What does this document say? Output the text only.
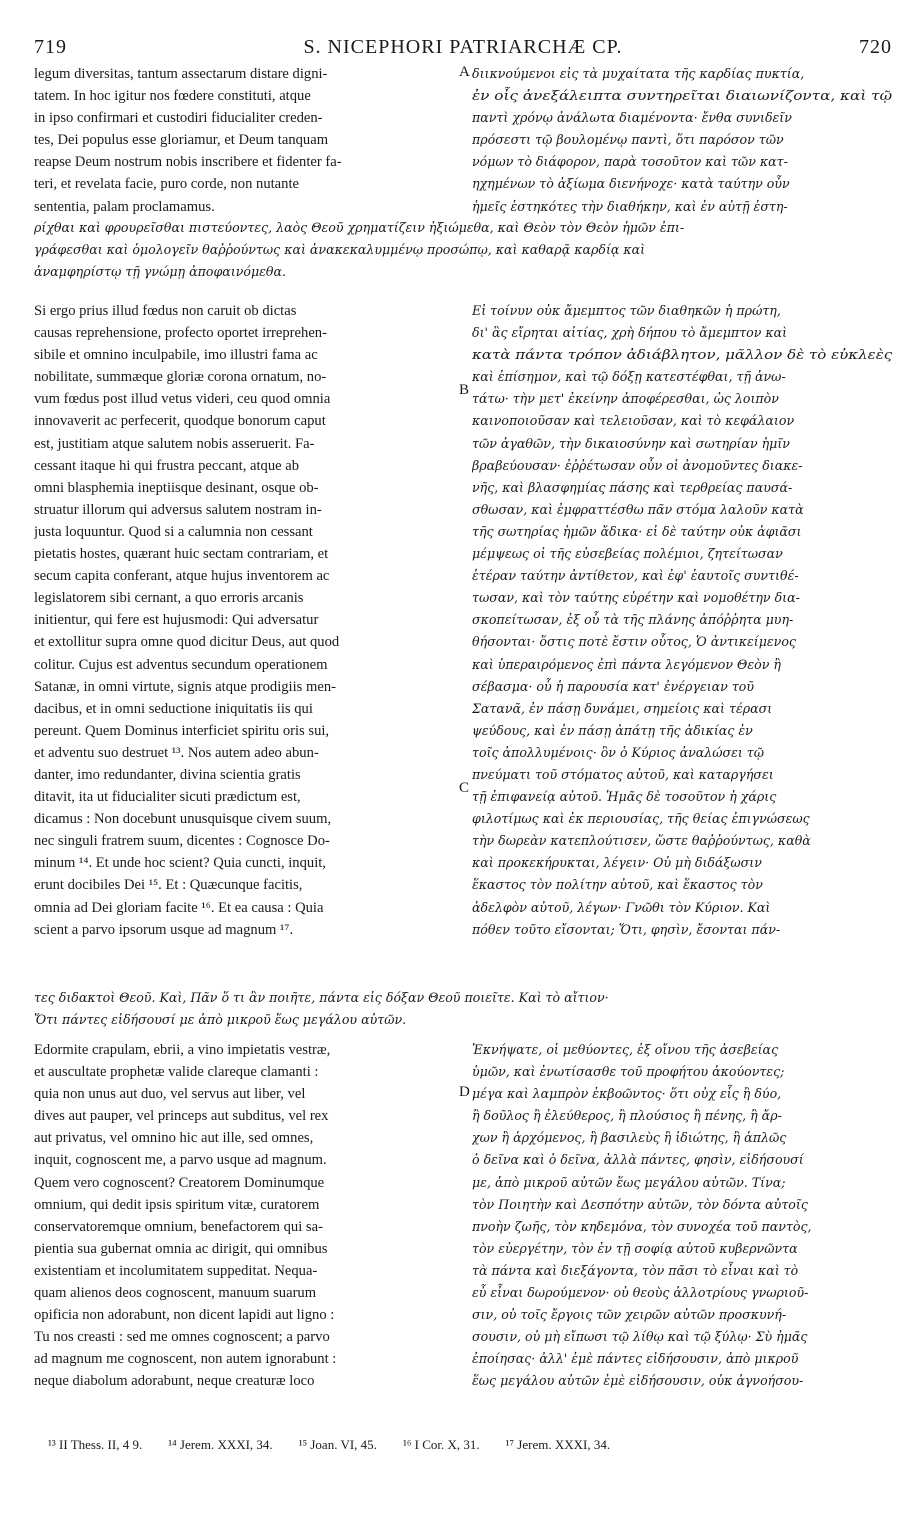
S. NICEPHORI PATRIARCHÆ CP.
719	720
legum diversitas, tantum assectarum distare digni-
tatem. In hoc igitur nos fœdere constituti, atque
in ipso confirmari et custodiri fiducialiter creden-
tes, Dei populus esse gloriamur, et Deum tanquam
reapse Deum nostrum nobis inscribere et fidenter fa-
teri, et revelata facie, puro corde, non nutante
sententia, palam proclamamus.
διικνούμενοι εἰς τὰ μυχαίτατα τῆς καρδίας πυκτία,
ἐν οἷς ἀνεξάλειπτα συντηρεῖται διαιωνίζοντα, καὶ τῷ
παντὶ χρόνῳ ἀνάλωτα διαμένοντα· ἔνθα συνιδεῖν
πρόσεστι τῷ βουλομένῳ παντὶ, ὅτι παρόσον τῶν
νόμων τὸ διάφορον, παρὰ τοσοῦτον καὶ τῶν κατ-
ηχημένων τὸ ἀξίωμα διενήνοχε· κατὰ ταύτην οὖν
ἡμεῖς ἑστηκότες τὴν διαθήκην, καὶ ἐν αὐτῇ ἐστη-
ρίχθαι καὶ φρουρεῖσθαι πιστεύοντες, λαὸς Θεοῦ χρηματίζειν ἠξιώμεθα, καὶ Θεὸν τὸν Θεὸν ἡμῶν ἐπι-
γράφεσθαι καὶ ὁμολογεῖν θαῤῥούντως καὶ ἀνακεκαλυμμένῳ προσώπῳ, καὶ καθαρᾷ καρδίᾳ καὶ
ἀναμφηρίστῳ τῇ γνώμῃ ἀποφαινόμεθα.
Si ergo prius illud fœdus non caruit ob dictas
causas reprehensione, profecto oportet irreprehen-
sibile et omnino inculpabile, imo illustri fama ac
nobilitate, summæque gloriæ corona ornatum, no-
vum fœdus post illud vetus videri, ceu quod omnia
innovaverit ac perfecerit, quodque bonorum caput
est, justitiam atque salutem nobis asseruerit. Fa-
cessant itaque hi qui frustra peccant, atque ab
omni blasphemia ineptiisque desinant, osque ob-
struatur illorum qui adversus salutem nostram in-
justa loquuntur. Quod si a calumnia non cessant
pietatis hostes, quærant huic sectam contrariam, et
secum capita conferant, atque hujus inventorem ac
legislatorem sibi cernant, a quo erroris arcanis
initientur, qui fere est hujusmodi: Qui adversatur
et extollitur supra omne quod dicitur Deus, aut quod
colitur. Cujus est adventus secundum operationem
Satanæ, in omni virtute, signis atque prodigiis men-
dacibus, et in omni seductione iniquitatis iis qui
pereunt. Quem Dominus interficiet spiritu oris sui,
et adventu suo destruet ¹³. Nos autem adeo abun-
danter, imo redundanter, divina scientia gratis
ditavit, ita ut fiducialiter sicuti prædictum est,
dicamus : Non docebunt unusquisque civem suum,
nec singuli fratrem suum, dicentes : Cognosce Do-
minum ¹⁴. Et unde hoc scient? Quia cuncti, inquit,
erunt docibiles Dei ¹⁵. Et : Quæcunque facitis,
omnia ad Dei gloriam facite ¹⁶. Et ea causa : Quia
scient a parvo ipsorum usque ad magnum ¹⁷.
Εἰ τοίνυν οὐκ ἄμεμπτος τῶν διαθηκῶν ἡ πρώτη,
δι' ἃς εἴρηται αἰτίας, χρὴ δήπου τὸ ἄμεμπτον καὶ
κατὰ πάντα τρόπον ἀδιάβλητον, μᾶλλον δὲ τὸ εὐκλεὲς
καὶ ἐπίσημον, καὶ τῷ δόξῃ κατεστέφθαι, τῇ ἀνω-
τάτω· τὴν μετ' ἐκείνην ἀποφέρεσθαι, ὡς λοιπὸν
καινοποιοῦσαν καὶ τελειοῦσαν, καὶ τὸ κεφάλαιον
τῶν ἀγαθῶν, τὴν δικαιοσύνην καὶ σωτηρίαν ἡμῖν
βραβεύουσαν· ἐῤῥέτωσαν οὖν οἱ ἀνομοῦντες διακε-
νῆς, καὶ βλασφημίας πάσης καὶ τερθρείας παυσά-
σθωσαν, καὶ ἐμφραττέσθω πᾶν στόμα λαλοῦν κατὰ
τῆς σωτηρίας ἡμῶν ἄδικα· εἰ δὲ ταύτην οὐκ ἀφιᾶσι
μέμψεως οἱ τῆς εὐσεβείας πολέμιοι, ζητείτωσαν
ἑτέραν ταύτην ἀντίθετον, καὶ ἐφ' ἑαυτοῖς συντιθέ-
τωσαν, καὶ τὸν ταύτης εὑρέτην καὶ νομοθέτην δια-
σκοπείτωσαν, ἐξ οὗ τὰ τῆς πλάνης ἀπόῤῥητα μυη-
θήσονται· ὅστις ποτὲ ἔστιν οὗτος, Ὁ ἀντικείμενος
καὶ ὑπεραιρόμενος ἐπὶ πάντα λεγόμενον Θεὸν ἢ
σέβασμα· οὗ ἡ παρουσία κατ' ἐνέργειαν τοῦ
Σατανᾶ, ἐν πάσῃ δυνάμει, σημείοις καὶ τέρασι
ψεύδους, καὶ ἐν πάσῃ ἀπάτῃ τῆς ἀδικίας ἐν
τοῖς ἀπολλυμένοις· ὃν ὁ Κύριος ἀναλώσει τῷ
πνεύματι τοῦ στόματος αὐτοῦ, καὶ καταργήσει
τῇ ἐπιφανείᾳ αὐτοῦ. Ἡμᾶς δὲ τοσοῦτον ἡ χάρις
φιλοτίμως καὶ ἐκ περιουσίας, τῆς θείας ἐπιγνώσεως
τὴν δωρεὰν κατεπλούτισεν, ὥστε θαῤῥούντως, καθὰ
καὶ προκεκήρυκται, λέγειν· Οὐ μὴ διδάξωσιν
ἕκαστος τὸν πολίτην αὐτοῦ, καὶ ἕκαστος τὸν
ἀδελφὸν αὐτοῦ, λέγων· Γνῶθι τὸν Κύριον. Καὶ
πόθεν τοῦτο εἴσονται; Ὅτι, φησὶν, ἔσονται πάν-
τες διδακτοὶ Θεοῦ. Καὶ, Πᾶν ὅ τι ἂν ποιῆτε, πάντα εἰς δόξαν Θεοῦ ποιεῖτε. Καὶ τὸ αἴτιον·
Ὅτι πάντες εἰδήσουσί με ἀπὸ μικροῦ ἕως μεγάλου αὐτῶν.
Edormite crapulam, ebrii, a vino impietatis vestræ,
et auscultate prophetæ valide clareque clamanti :
quia non unus aut duo, vel servus aut liber, vel
dives aut pauper, vel princeps aut subditus, vel rex
aut privatus, vel omnino hic aut ille, sed omnes,
inquit, cognoscent me, a parvo usque ad magnum.
Quem vero cognoscent? Creatorem Dominumque
omnium, qui dedit ipsis spiritum vitæ, curatorem
conservatoremque omnium, benefactorem qui sa-
pientia sua gubernat omnia ac dirigit, qui omnibus
existentiam et incolumitatem suppeditat. Nequa-
quam alienos deos cognoscent, manuum suarum
opificia non adorabunt, non dicent lapidi aut ligno :
Tu nos creasti : sed me omnes cognoscent; a parvo
ad magnum me cognoscent, non autem ignorabunt :
neque diabolum adorabunt, neque creaturæ loco
Ἐκνήψατε, οἱ μεθύοντες, ἐξ οἴνου τῆς ἀσεβείας
ὑμῶν, καὶ ἐνωτίσασθε τοῦ προφήτου ἀκούοντες;
μέγα καὶ λαμπρὸν ἐκβοῶντος· ὅτι οὐχ εἷς ἢ δύο,
ἢ δοῦλος ἢ ἐλεύθερος, ἢ πλούσιος ἢ πένης, ἢ ἄρ-
χων ἢ ἀρχόμενος, ἢ βασιλεὺς ἢ ἰδιώτης, ἢ ἁπλῶς
ὁ δεῖνα καὶ ὁ δεῖνα, ἀλλὰ πάντες, φησὶν, εἰδήσουσί
με, ἀπὸ μικροῦ αὐτῶν ἕως μεγάλου αὐτῶν. Τίνα;
τὸν Ποιητὴν καὶ Δεσπότην αὐτῶν, τὸν δόντα αὐτοῖς
πνοὴν ζωῆς, τὸν κηδεμόνα, τὸν συνοχέα τοῦ παντὸς,
τὸν εὐεργέτην, τὸν ἐν τῇ σοφίᾳ αὐτοῦ κυβερνῶντα
τὰ πάντα καὶ διεξάγοντα, τὸν πᾶσι τὸ εἶναι καὶ τὸ
εὖ εἶναι δωρούμενον· οὐ θεοὺς ἀλλοτρίους γνωριοῦ-
σιν, οὐ τοῖς ἔργοις τῶν χειρῶν αὐτῶν προσκυνή-
σουσιν, οὐ μὴ εἴπωσι τῷ λίθῳ καὶ τῷ ξύλῳ· Σὺ ἡμᾶς
ἐποίησας· ἀλλ' ἐμὲ πάντες εἰδήσουσιν, ἀπὸ μικροῦ
ἕως μεγάλου αὐτῶν ἐμὲ εἰδήσουσιν, οὐκ ἀγνοήσου-
A
B
C
D
¹³ II Thess. II, 4 9. ¹⁴ Jerem. XXXI, 34. ¹⁵ Joan. VI, 45. ¹⁶ I Cor. X, 31. ¹⁷ Jerem. XXXI, 34.
